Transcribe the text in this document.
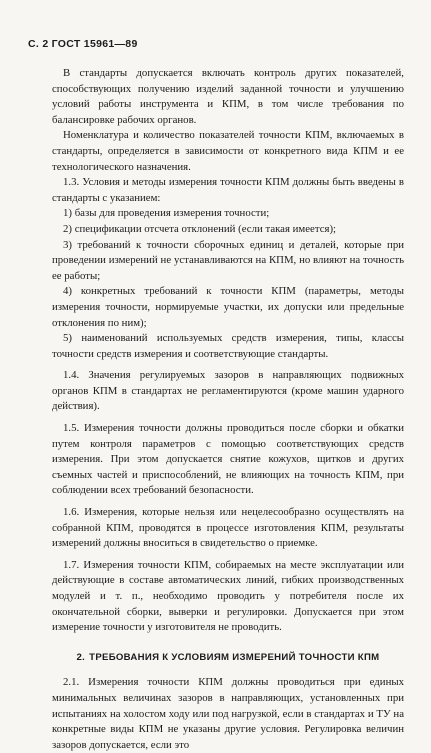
С. 2 ГОСТ 15961—89

В стандарты допускается включать контроль других показателей, способствующих получению изделий заданной точности и улучшению условий работы инструмента и КПМ, в том числе требования по балансировке рабочих органов.

Номенклатура и количество показателей точности КПМ, включаемых в стандарты, определяется в зависимости от конкретного вида КПМ и ее технологического назначения.

1.3. Условия и методы измерения точности КПМ должны быть введены в стандарты с указанием:

1) базы для проведения измерения точности;

2) спецификации отсчета отклонений (если такая имеется);

3) требований к точности сборочных единиц и деталей, которые при проведении измерений не устанавливаются на КПМ, но влияют на точность ее работы;

4) конкретных требований к точности КПМ (параметры, методы измерения точности, нормируемые участки, их допуски или предельные отклонения по ним);

5) наименований используемых средств измерения, типы, классы точности средств измерения и соответствующие стандарты.

1.4. Значения регулируемых зазоров в направляющих подвижных органов КПМ в стандартах не регламентируются (кроме машин ударного действия).

1.5. Измерения точности должны проводиться после сборки и обкатки путем контроля параметров с помощью соответствующих средств измерения. При этом допускается снятие кожухов, щитков и других съемных частей и приспособлений, не влияющих на точность КПМ, при соблюдении всех требований безопасности.

1.6. Измерения, которые нельзя или нецелесообразно осуществлять на собранной КПМ, проводятся в процессе изготовления КПМ, результаты измерений должны вноситься в свидетельство о приемке.

1.7. Измерения точности КПМ, собираемых на месте эксплуатации или действующие в составе автоматических линий, гибких производственных модулей и т. п., необходимо проводить у потребителя после их окончательной сборки, выверки и регулировки. Допускается при этом измерение точности у изготовителя не проводить.

2. ТРЕБОВАНИЯ К УСЛОВИЯМ ИЗМЕРЕНИЙ ТОЧНОСТИ КПМ

2.1. Измерения точности КПМ должны проводиться при единых минимальных величинах зазоров в направляющих, установленных при испытаниях на холостом ходу или под нагрузкой, если в стандартах и ТУ на конкретные виды КПМ не указаны другие условия. Регулировка величин зазоров допускается, если это
